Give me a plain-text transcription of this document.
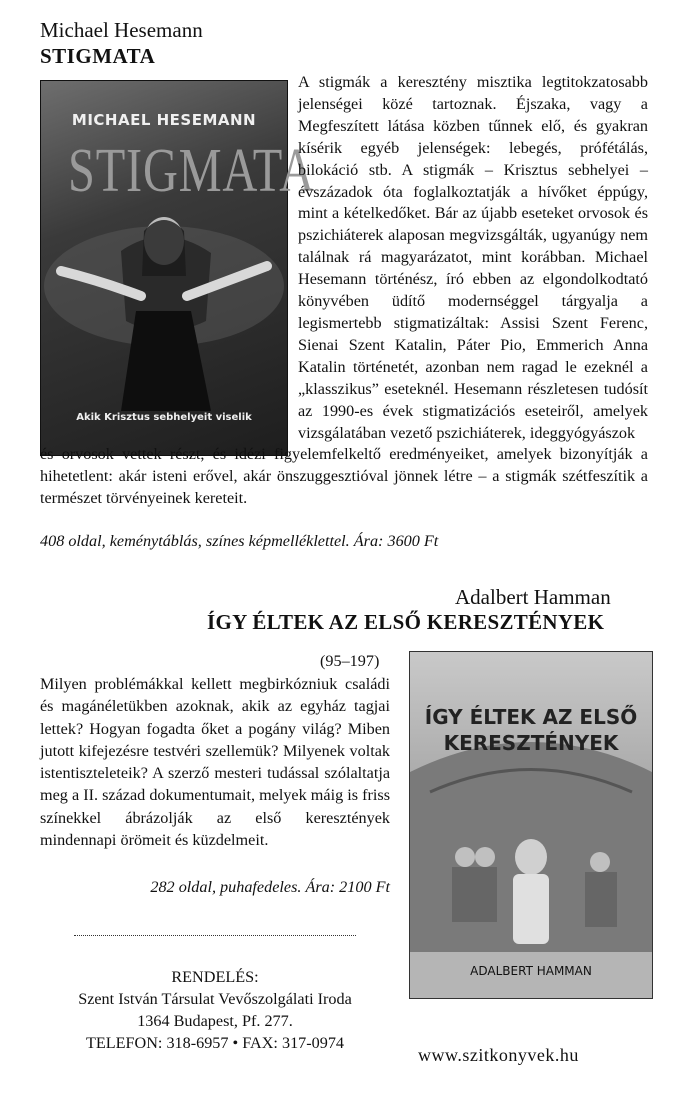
Michael Hesemann
STIGMATA
MICHAEL HESEMANN
STIGMATA
Akik Krisztus sebhelyeit viselik
A stigmák a keresztény misztika legtitokzatosabb jelenségei közé tartoznak. Éjszaka, vagy a Megfeszített látása közben tűnnek elő, és gyakran kísérik egyéb jelenségek: lebegés, prófétálás, bilokáció stb. A stigmák – Krisztus sebhelyei – évszázadok óta foglalkoztatják a hívőket éppúgy, mint a kételkedőket. Bár az újabb eseteket orvosok és pszichiáterek alaposan megvizsgálták, ugyanúgy nem találnak rá magyarázatot, mint korábban. Michael Hesemann történész, író ebben az elgondolkodtató könyvében üdítő modernséggel tárgyalja a legismertebb stigmatizáltak: Assisi Szent Ferenc, Sienai Szent Katalin, Páter Pio, Emmerich Anna Katalin történetét, azonban nem ragad le ezeknél a „klasszikus” eseteknél. Hesemann részletesen tudósít az 1990-es évek stigmatizációs eseteiről, amelyek vizsgálatában vezető pszichiáterek, ideggyógyászok
és orvosok vettek részt, és idézi figyelemfelkeltő eredményeiket, amelyek bizonyítják a hihetetlent: akár isteni erővel, akár önszuggesztióval jönnek létre – a stigmák szétfeszítik a természet törvényeinek kereteit.
408 oldal, keménytáblás, színes képmelléklettel. Ára: 3600 Ft
Adalbert Hamman
ÍGY ÉLTEK AZ ELSŐ KERESZTÉNYEK
(95–197)
Milyen problémákkal kellett megbirkózniuk családi és magánéletükben azoknak, akik az egyház tagjai lettek? Hogyan fogadta őket a pogány világ? Miben jutott kifejezésre testvéri szellemük? Milyenek voltak istentiszteleteik? A szerző mesteri tudással szólaltatja meg a II. század dokumentumait, melyek máig is friss színekkel ábrázolják az első keresztények mindennapi örömeit és küzdelmeit.
282 oldal, puhafedeles. Ára: 2100 Ft
ÍGY ÉLTEK AZ ELSŐ
KERESZTÉNYEK
ADALBERT HAMMAN
RENDELÉS:
Szent István Társulat Vevőszolgálati Iroda
1364 Budapest, Pf. 277.
TELEFON: 318-6957 • FAX: 317-0974
www.szitkonyvek.hu
